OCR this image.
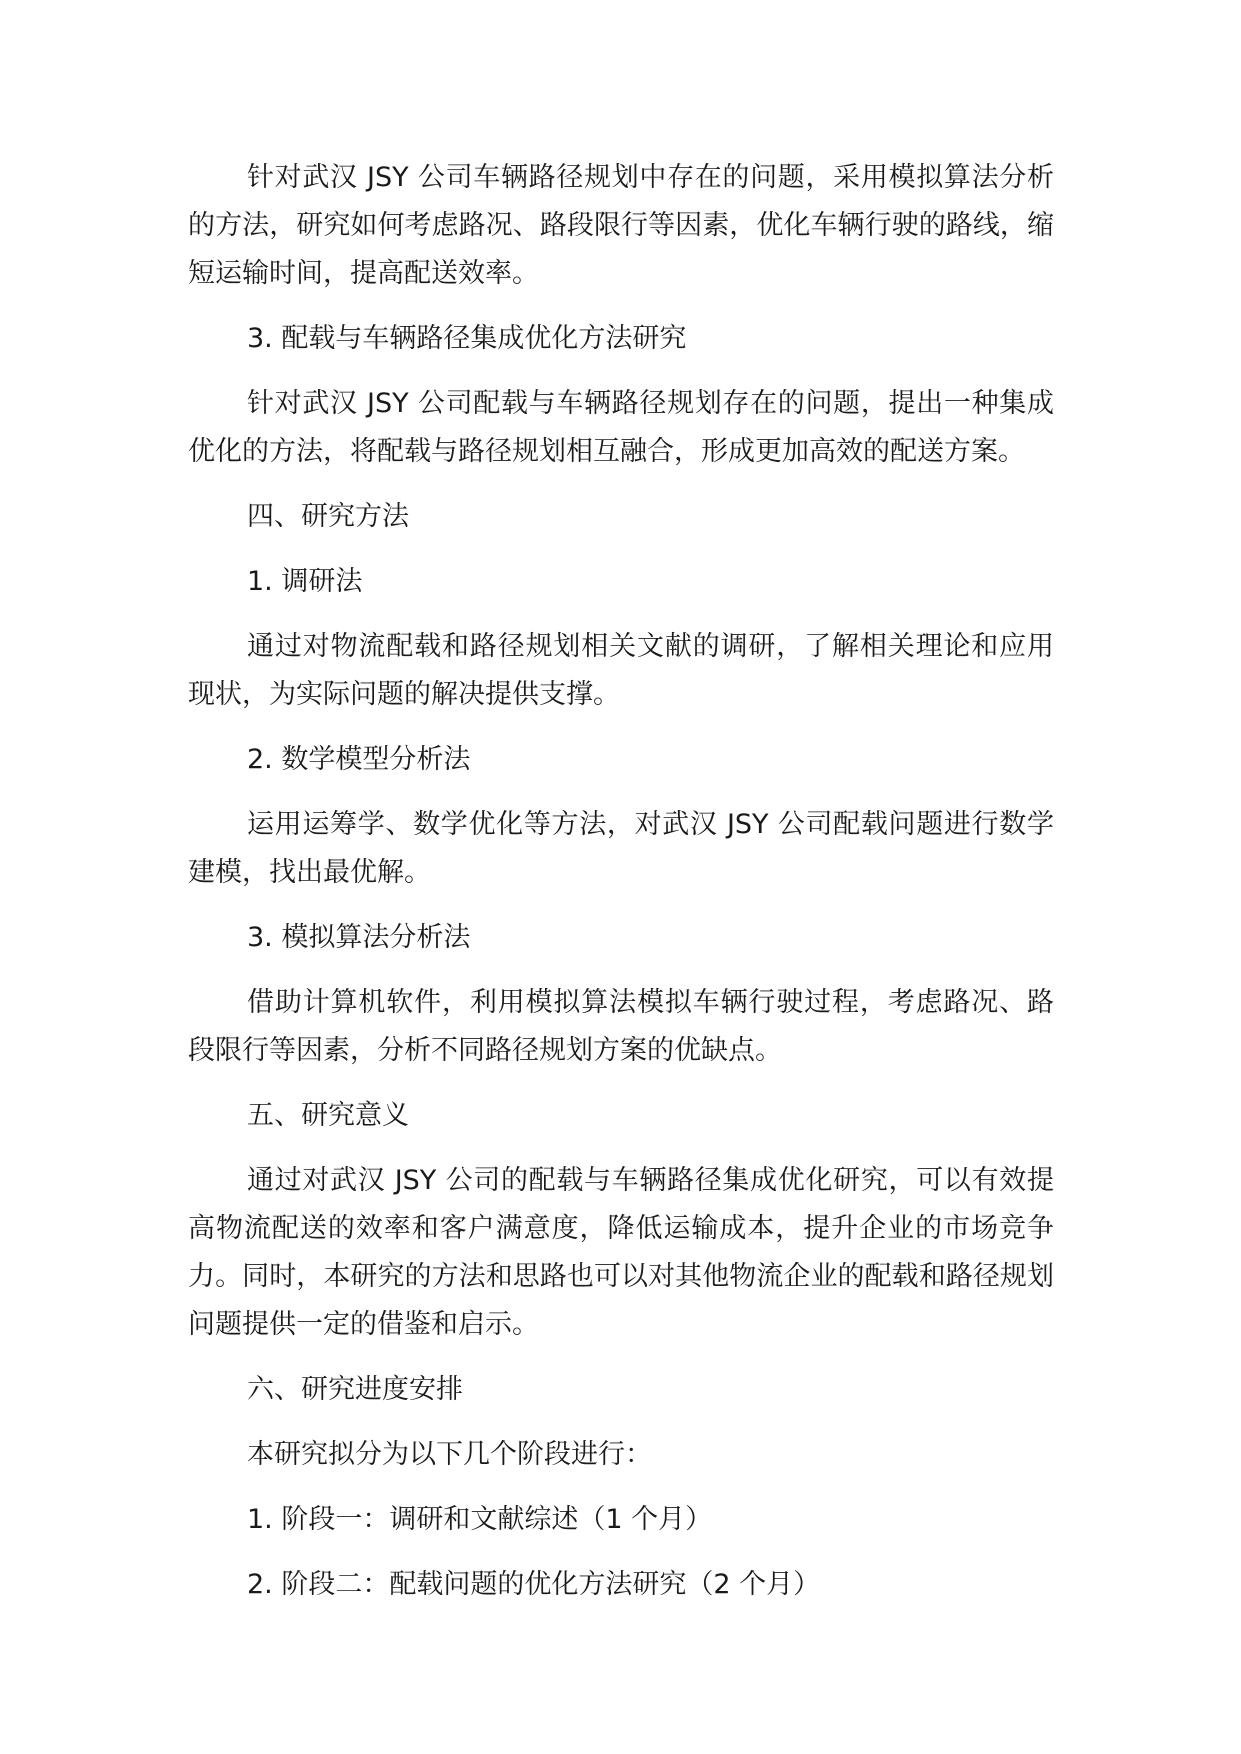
针对武汉 JSY 公司车辆路径规划中存在的问题，采用模拟算法分析的方法，研究如何考虑路况、路段限行等因素，优化车辆行驶的路线，缩短运输时间，提高配送效率。

3. 配载与车辆路径集成优化方法研究

针对武汉 JSY 公司配载与车辆路径规划存在的问题，提出一种集成优化的方法，将配载与路径规划相互融合，形成更加高效的配送方案。

四、研究方法

1. 调研法

通过对物流配载和路径规划相关文献的调研，了解相关理论和应用现状，为实际问题的解决提供支撑。

2. 数学模型分析法

运用运筹学、数学优化等方法，对武汉 JSY 公司配载问题进行数学建模，找出最优解。

3. 模拟算法分析法

借助计算机软件，利用模拟算法模拟车辆行驶过程，考虑路况、路段限行等因素，分析不同路径规划方案的优缺点。

五、研究意义

通过对武汉 JSY 公司的配载与车辆路径集成优化研究，可以有效提高物流配送的效率和客户满意度，降低运输成本，提升企业的市场竞争力。同时，本研究的方法和思路也可以对其他物流企业的配载和路径规划问题提供一定的借鉴和启示。

六、研究进度安排

本研究拟分为以下几个阶段进行：

1. 阶段一：调研和文献综述（1 个月）

2. 阶段二：配载问题的优化方法研究（2 个月）
